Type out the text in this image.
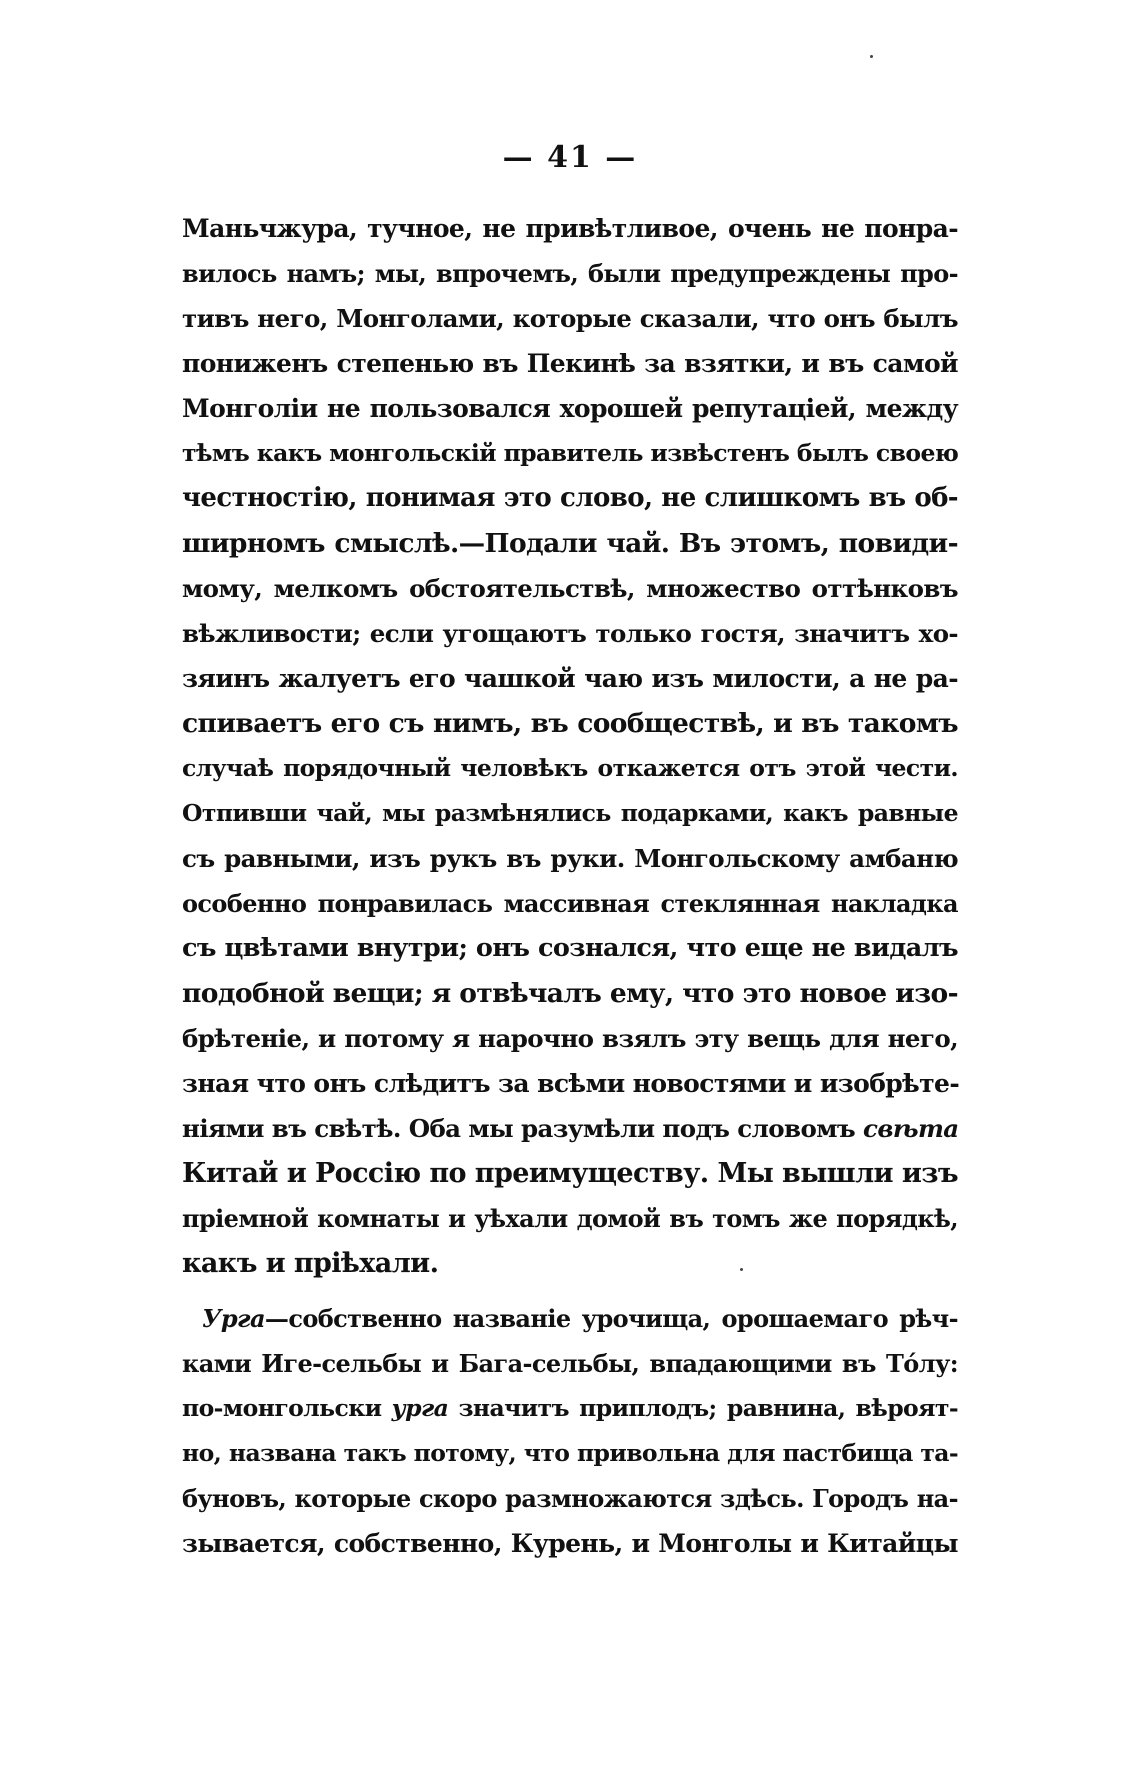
— 41 —
Маньчжура, тучное, не привѣтливое, очень не понра-
вилось намъ; мы, впрочемъ, были предупреждены про-
тивъ него, Монголами, которые сказали, что онъ былъ
пониженъ степенью въ Пекинѣ за взятки, и въ самой
Монголіи не пользовался хорошей репутаціей, между
тѣмъ какъ монгольскій правитель извѣстенъ былъ своею
честностію, понимая это слово, не слишкомъ въ об-
ширномъ смыслѣ.—Подали чай. Въ этомъ, повиди-
мому, мелкомъ обстоятельствѣ, множество оттѣнковъ
вѣжливости; если угощаютъ только гостя, значитъ хо-
зяинъ жалуетъ его чашкой чаю изъ милости, а не ра-
спиваетъ его съ нимъ, въ сообществѣ, и въ такомъ
случаѣ порядочный человѣкъ откажется отъ этой чести.
Отпивши чай, мы размѣнялись подарками, какъ равные
съ равными, изъ рукъ въ руки. Монгольскому амбаню
особенно понравилась массивная стеклянная накладка
съ цвѣтами внутри; онъ сознался, что еще не видалъ
подобной вещи; я отвѣчалъ ему, что это новое изо-
брѣтеніе, и потому я нарочно взялъ эту вещь для него,
зная что онъ слѣдитъ за всѣми новостями и изобрѣте-
ніями въ свѣтѣ. Оба мы разумѣли подъ словомъ свѣта
Китай и Россію по преимуществу. Мы вышли изъ
пріемной комнаты и уѣхали домой въ томъ же порядкѣ,
какъ и пріѣхали.
Урга—собственно названіе урочища, орошаемаго рѣч-
ками Иге-сельбы и Бага-сельбы, впадающими въ Тóлу:
по-монгольски урга значитъ приплодъ; равнина, вѣроят-
но, названа такъ потому, что привольна для пастбища та-
буновъ, которые скоро размножаются здѣсь. Городъ на-
зывается, собственно, Курень, и Монголы и Китайцы
